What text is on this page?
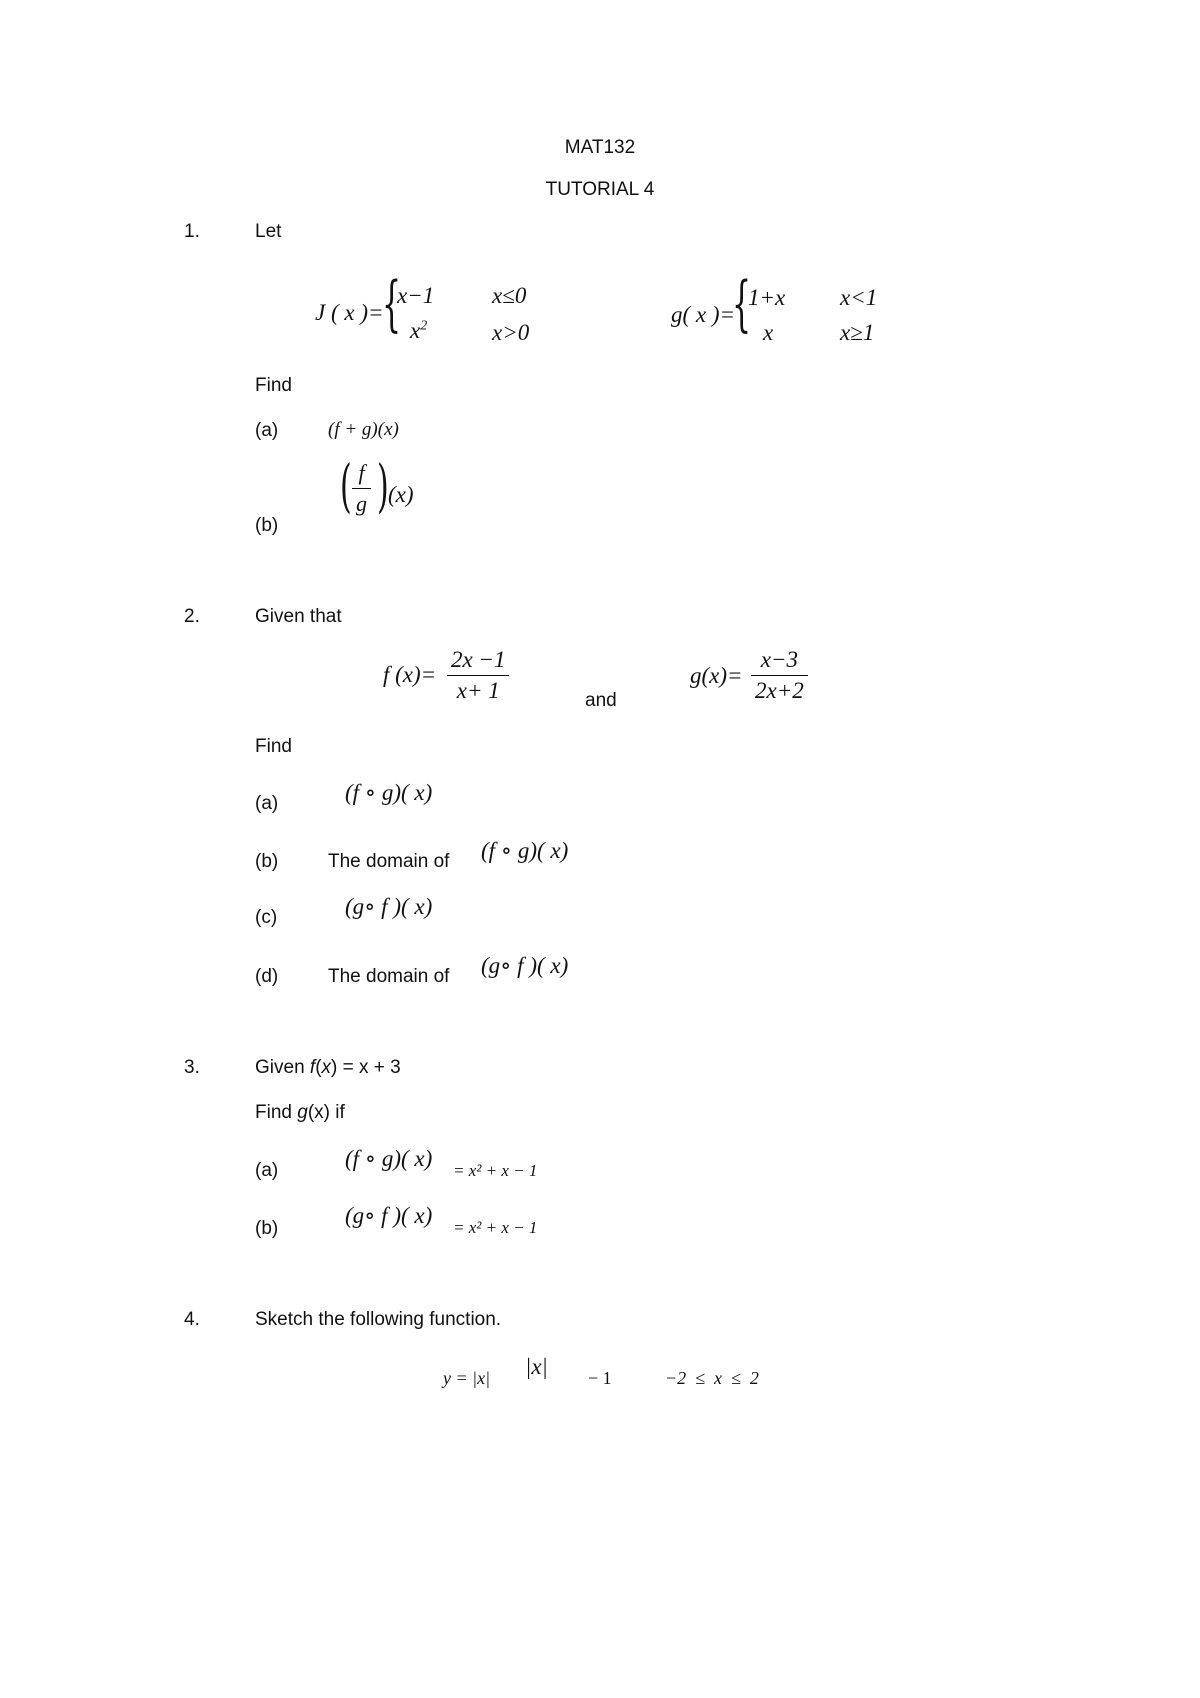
MAT132
TUTORIAL 4
1.	Let
J ( x )=
{
x−1	x≤0
$x^2$	x>0
g( x )=
{
1+x x<1
x	x≥1
Find
(a)	(f + g)(x)
( $\frac{f}{g}$ ) (x)
(b)
2.	Given that
f $(x)= \frac{2x -1}{x+ 1}$	and
$g(x)= \frac{x-3}{2x+2}$
Find
(a)	(f ∘ g)( x)
(b)	The domain of (f ∘ g)( x)
(c)	(g∘ f )( x)
(d)	The domain of (g∘ f )( x)
3.	Given f(x) = x + 3
Find g(x) if
(a)	(f ∘ g)( x) = x² + x − 1
(b)
(g∘ f )( x) = x² + x − 1
4.	Sketch the following function.
y = |x| |x| − 1	−2  ≤  x  ≤  2
